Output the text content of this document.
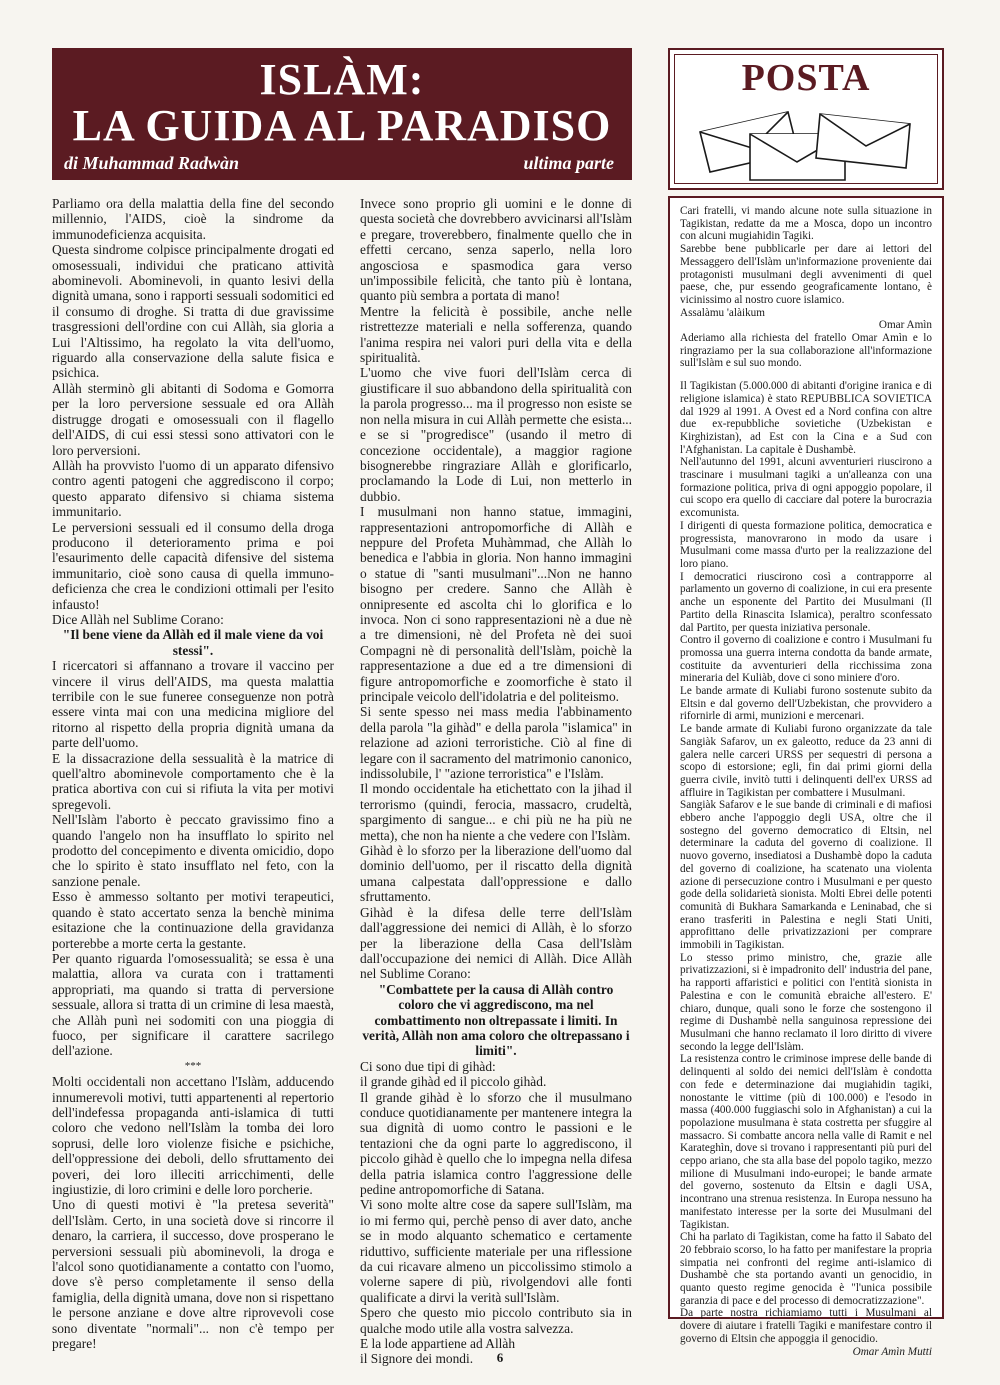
ISLÀM:
LA GUIDA AL PARADISO
di Muhammad Radwàn	ultima parte

Parliamo ora della malattia della fine del secondo millennio, l'AIDS, cioè la sindrome da immunodeficienza acquisita.

Questa sindrome colpisce principalmente drogati ed omosessuali, individui che praticano attività abominevoli. Abominevoli, in quanto lesivi della dignità umana, sono i rapporti sessuali sodomitici ed il consumo di droghe. Si tratta di due gravissime trasgressioni dell'ordine con cui Allàh, sia gloria a Lui l'Altissimo, ha regolato la vita dell'uomo, riguardo alla conservazione della salute fisica e psichica.

Allàh sterminò gli abitanti di Sodoma e Gomorra per la loro perversione sessuale ed ora Allàh distrugge drogati e omosessuali con il flagello dell'AIDS, di cui essi stessi sono attivatori con le loro perversioni.

Allàh ha provvisto l'uomo di un apparato difensivo contro agenti patogeni che aggrediscono il corpo; questo apparato difensivo si chiama sistema immunitario.

Le perversioni sessuali ed il consumo della droga producono il deterioramento prima e poi l'esaurimento delle capacità difensive del sistema immunitario, cioè sono causa di quella immuno-deficienza che crea le condizioni ottimali per l'esito infausto!

Dice Allàh nel Sublime Corano:

"Il bene viene da Allàh ed il male viene da voi stessi".

I ricercatori si affannano a trovare il vaccino per vincere il virus dell'AIDS, ma questa malattia terribile con le sue funeree conseguenze non potrà essere vinta mai con una medicina migliore del ritorno al rispetto della propria dignità umana da parte dell'uomo.

E la dissacrazione della sessualità è la matrice di quell'altro abominevole comportamento che è la pratica abortiva con cui si rifiuta la vita per motivi spregevoli.

Nell'Islàm l'aborto è peccato gravissimo fino a quando l'angelo non ha insufflato lo spirito nel prodotto del concepimento e diventa omicidio, dopo che lo spirito è stato insufflato nel feto, con la sanzione penale.

Esso è ammesso soltanto per motivi terapeutici, quando è stato accertato senza la benchè minima esitazione che la continuazione della gravidanza porterebbe a morte certa la gestante.

Per quanto riguarda l'omosessualità; se essa è una malattia, allora va curata con i trattamenti appropriati, ma quando si tratta di perversione sessuale, allora si tratta di un crimine di lesa maestà, che Allàh punì nei sodomiti con una pioggia di fuoco, per significare il carattere sacrilego dell'azione.

***

Molti occidentali non accettano l'Islàm, adducendo innumerevoli motivi, tutti appartenenti al repertorio dell'indefessa propaganda anti-islamica di tutti coloro che vedono nell'Islàm la tomba dei loro soprusi, delle loro violenze fisiche e psichiche, dell'oppressione dei deboli, dello sfruttamento dei poveri, dei loro illeciti arricchimenti, delle ingiustizie, di loro crimini e delle loro porcherie.

Uno di questi motivi è "la pretesa severità" dell'Islàm. Certo, in una società dove si rincorre il denaro, la carriera, il successo, dove prosperano le perversioni sessuali più abominevoli, la droga e l'alcol sono quotidianamente a contatto con l'uomo, dove s'è perso completamente il senso della famiglia, della dignità umana, dove non si rispettano le persone anziane e dove altre riprovevoli cose sono diventate "normali"... non c'è tempo per pregare!

Invece sono proprio gli uomini e le donne di questa società che dovrebbero avvicinarsi all'Islàm e pregare, troverebbero, finalmente quello che in effetti cercano, senza saperlo, nella loro angosciosa e spasmodica gara verso un'impossibile felicità, che tanto più è lontana, quanto più sembra a portata di mano!

Mentre la felicità è possibile, anche nelle ristrettezze materiali e nella sofferenza, quando l'anima respira nei valori puri della vita e della spiritualità.

L'uomo che vive fuori dell'Islàm cerca di giustificare il suo abbandono della spiritualità con la parola progresso... ma il progresso non esiste se non nella misura in cui Allàh permette che esista... e se si "progredisce" (usando il metro di concezione occidentale), a maggior ragione bisognerebbe ringraziare Allàh e glorificarlo, proclamando la Lode di Lui, non metterlo in dubbio.

I musulmani non hanno statue, immagini, rappresentazioni antropomorfiche di Allàh e neppure del Profeta Muhàmmad, che Allàh lo benedica e l'abbia in gloria. Non hanno immagini o statue di "santi musulmani"...Non ne hanno bisogno per credere. Sanno che Allàh è onnipresente ed ascolta chi lo glorifica e lo invoca. Non ci sono rappresentazioni nè a due nè a tre dimensioni, nè del Profeta nè dei suoi Compagni nè di personalità dell'Islàm, poichè la rappresentazione a due ed a tre dimensioni di figure antropomorfiche e zoomorfiche è stato il principale veicolo dell'idolatria e del politeismo.

Si sente spesso nei mass media l'abbinamento della parola "la gihàd" e della parola "islamica" in relazione ad azioni terroristiche. Ciò al fine di legare con il sacramento del matrimonio canonico, indissolubile, l' "azione terroristica" e l'Islàm.

Il mondo occidentale ha etichettato con la jihad il terrorismo (quindi, ferocia, massacro, crudeltà, spargimento di sangue... e chi più ne ha più ne metta), che non ha niente a che vedere con l'Islàm.

Gihàd è lo sforzo per la liberazione dell'uomo dal dominio dell'uomo, per il riscatto della dignità umana calpestata dall'oppressione e dallo sfruttamento.

Gihàd è la difesa delle terre dell'Islàm dall'aggressione dei nemici di Allàh, è lo sforzo per la liberazione della Casa dell'Islàm dall'occupazione dei nemici di Allàh. Dice Allàh nel Sublime Corano:

"Combattete per la causa di Allàh contro coloro che vi aggrediscono, ma nel combattimento non oltrepassate i limiti. In verità, Allàh non ama coloro che oltrepassano i limiti".

Ci sono due tipi di gihàd:

il grande gihàd ed il piccolo gihàd.

Il grande gihàd è lo sforzo che il musulmano conduce quotidianamente per mantenere integra la sua dignità di uomo contro le passioni e le tentazioni che da ogni parte lo aggrediscono, il piccolo gihàd è quello che lo impegna nella difesa della patria islamica contro l'aggressione delle pedine antropomorfiche di Satana.

Vi sono molte altre cose da sapere sull'Islàm, ma io mi fermo qui, perchè penso di aver dato, anche se in modo alquanto schematico e certamente riduttivo, sufficiente materiale per una riflessione da cui ricavare almeno un piccolissimo stimolo a volerne sapere di più, rivolgendovi alle fonti qualificate a dirvi la verità sull'Islàm.

Spero che questo mio piccolo contributo sia in qualche modo utile alla vostra salvezza.

E la lode appartiene ad Allàh

il Signore dei mondi.

POSTA

Cari fratelli, vi mando alcune note sulla situazione in Tagikistan, redatte da me a Mosca, dopo un incontro con alcuni mugiahidin Tagiki.

Sarebbe bene pubblicarle per dare ai lettori del Messaggero dell'Islàm un'informazione proveniente dai protagonisti musulmani degli avvenimenti di quel paese, che, pur essendo geograficamente lontano, è vicinissimo al nostro cuore islamico.

Assalàmu 'alàikum

Omar Amìn

Aderiamo alla richiesta del fratello Omar Amìn e lo ringraziamo per la sua collaborazione all'informazione sull'Islàm e sul suo mondo.

Il Tagikistan (5.000.000 di abitanti d'origine iranica e di religione islamica) è stato REPUBBLICA SOVIETICA dal 1929 al 1991. A Ovest ed a Nord confina con altre due ex-repubbliche sovietiche (Uzbekistan e Kirghizistan), ad Est con la Cina e a Sud con l'Afghanistan. La capitale è Dushambè.

Nell'autunno del 1991, alcuni avventurieri riuscirono a trascinare i musulmani tagiki a un'alleanza con una formazione politica, priva di ogni appoggio popolare, il cui scopo era quello di cacciare dal potere la burocrazia excomunista.

I dirigenti di questa formazione politica, democratica e progressista, manovrarono in modo da usare i Musulmani come massa d'urto per la realizzazione del loro piano.

I democratici riuscirono così a contrapporre al parlamento un governo di coalizione, in cui era presente anche un esponente del Partito dei Musulmani (Il Partito della Rinascita Islamica), peraltro sconfessato dal Partito, per questa iniziativa personale.

Contro il governo di coalizione e contro i Musulmani fu promossa una guerra interna condotta da bande armate, costituite da avventurieri della ricchissima zona mineraria del Kuliàb, dove ci sono miniere d'oro.

Le bande armate di Kuliabi furono sostenute subito da Eltsin e dal governo dell'Uzbekistan, che provvidero a rifornirle di armi, munizioni e mercenari.

Le bande armate di Kuliabi furono organizzate da tale Sangiàk Safarov, un ex galeotto, reduce da 23 anni di galera nelle carceri URSS per sequestri di persona a scopo di estorsione; egli, fin dai primi giorni della guerra civile, invitò tutti i delinquenti dell'ex URSS ad affluire in Tagikistan per combattere i Musulmani.

Sangiàk Safarov e le sue bande di criminali e di mafiosi ebbero anche l'appoggio degli USA, oltre che il sostegno del governo democratico di Eltsin, nel determinare la caduta del governo di coalizione. Il nuovo governo, insediatosi a Dushambè dopo la caduta del governo di coalizione, ha scatenato una violenta azione di persecuzione contro i Musulmani e per questo gode della solidarietà sionista. Molti Ebrei delle potenti comunità di Bukhara Samarkanda e Leninabad, che si erano trasferiti in Palestina e negli Stati Uniti, approfittano delle privatizzazioni per comprare immobili in Tagikistan.

Lo stesso primo ministro, che, grazie alle privatizzazioni, si è impadronito dell' industria del pane, ha rapporti affaristici e politici con l'entità sionista in Palestina e con le comunità ebraiche all'estero. E' chiaro, dunque, quali sono le forze che sostengono il regime di Dushambè nella sanguinosa repressione dei Musulmani che hanno reclamato il loro diritto di vivere secondo la legge dell'Islàm.

La resistenza contro le criminose imprese delle bande di delinquenti al soldo dei nemici dell'Islàm è condotta con fede e determinazione dai mugiahidin tagiki, nonostante le vittime (più di 100.000) e l'esodo in massa (400.000 fuggiaschi solo in Afghanistan) a cui la popolazione musulmana è stata costretta per sfuggire al massacro. Si combatte ancora nella valle di Ramit e nel Karateghìn, dove si trovano i rappresentanti più puri del ceppo ariano, che sta alla base del popolo tagiko, mezzo milione di Musulmani indo-europei; le bande armate del governo, sostenuto da Eltsin e dagli USA, incontrano una strenua resistenza. In Europa nessuno ha manifestato interesse per la sorte dei Musulmani del Tagikistan.

Chi ha parlato di Tagikistan, come ha fatto il Sabato del 20 febbraio scorso, lo ha fatto per manifestare la propria simpatia nei confronti del regime anti-islamico di Dushambè che sta portando avanti un genocidio, in quanto questo regime genocida è "l'unica possibile garanzia di pace e del processo di democratizzazione".

Da parte nostra richiamiamo tutti i Musulmani al dovere di aiutare i fratelli Tagiki e manifestare contro il governo di Eltsin che appoggia il genocidio.

Omar Amìn Mutti

6
